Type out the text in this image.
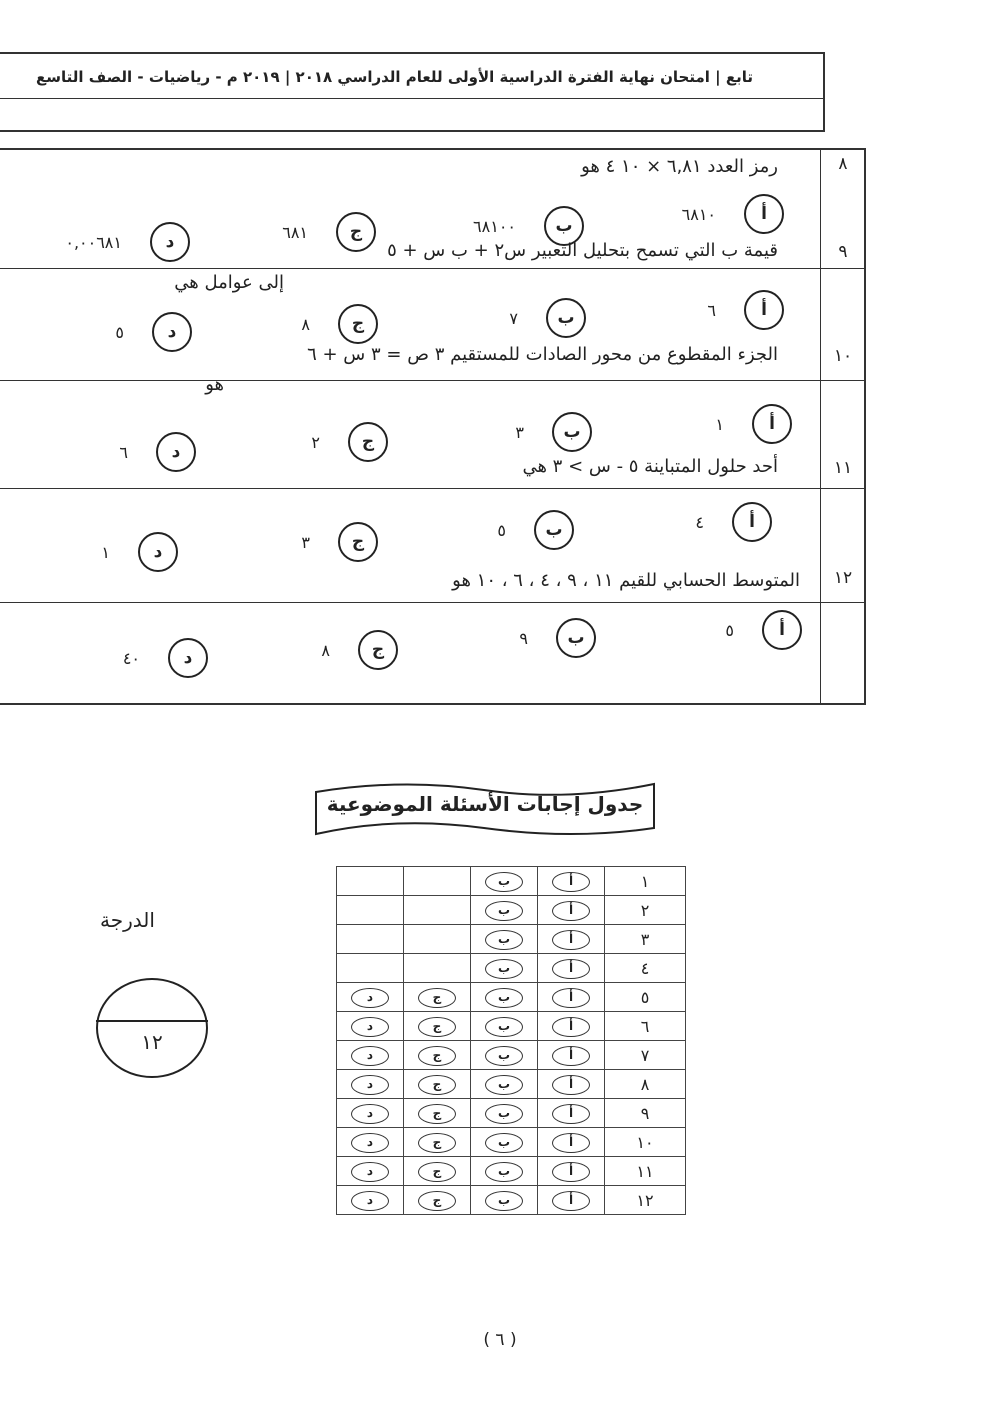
تابع | امتحان نهاية الفترة الدراسية الأولى للعام الدراسي ٢٠١٨ | ٢٠١٩ م - رياضيات - الصف التاسع
٨
رمز العدد ٦,٨١ × ١٠ ٤ هو
أ
٦٨١٠
ب
٦٨١٠٠
ج
٦٨١
د
٠,٠٠٦٨١	٩
قيمة ب التي تسمح بتحليل التعبير س٢ + ب س + ٥
إلى عوامل هي
أ
٦
ب
٧
ج
٨
د
٥
١٠
الجزء المقطوع من محور الصادات للمستقيم ٣ ص = ٣ س + ٦
هو
أ
١
ب
٣
ج
٢
د
٦
١١
أحد حلول المتباينة ٥ - س > ٣ هي
أ
٤
ب
٥
ج
٣
د
١
١٢
المتوسط الحسابي للقيم ١١ ، ٩ ، ٤ ، ٦ ، ١٠ هو
أ
٥
ب
٩
ج
٨
د
٤٠
جدول إجابات الأسئلة الموضوعية
		ب	أ	١
		ب	أ	٢
		ب	أ	٣
		ب	أ	٤
د	ج	ب	أ	٥
د	ج	ب	أ	٦
د	ج	ب	أ	٧
د	ج	ب	أ	٨
د	ج	ب	أ	٩
د	ج	ب	أ	١٠
د	ج	ب	أ	١١
د	ج	ب	أ	١٢
الدرجة
١٢
( ٦ )
